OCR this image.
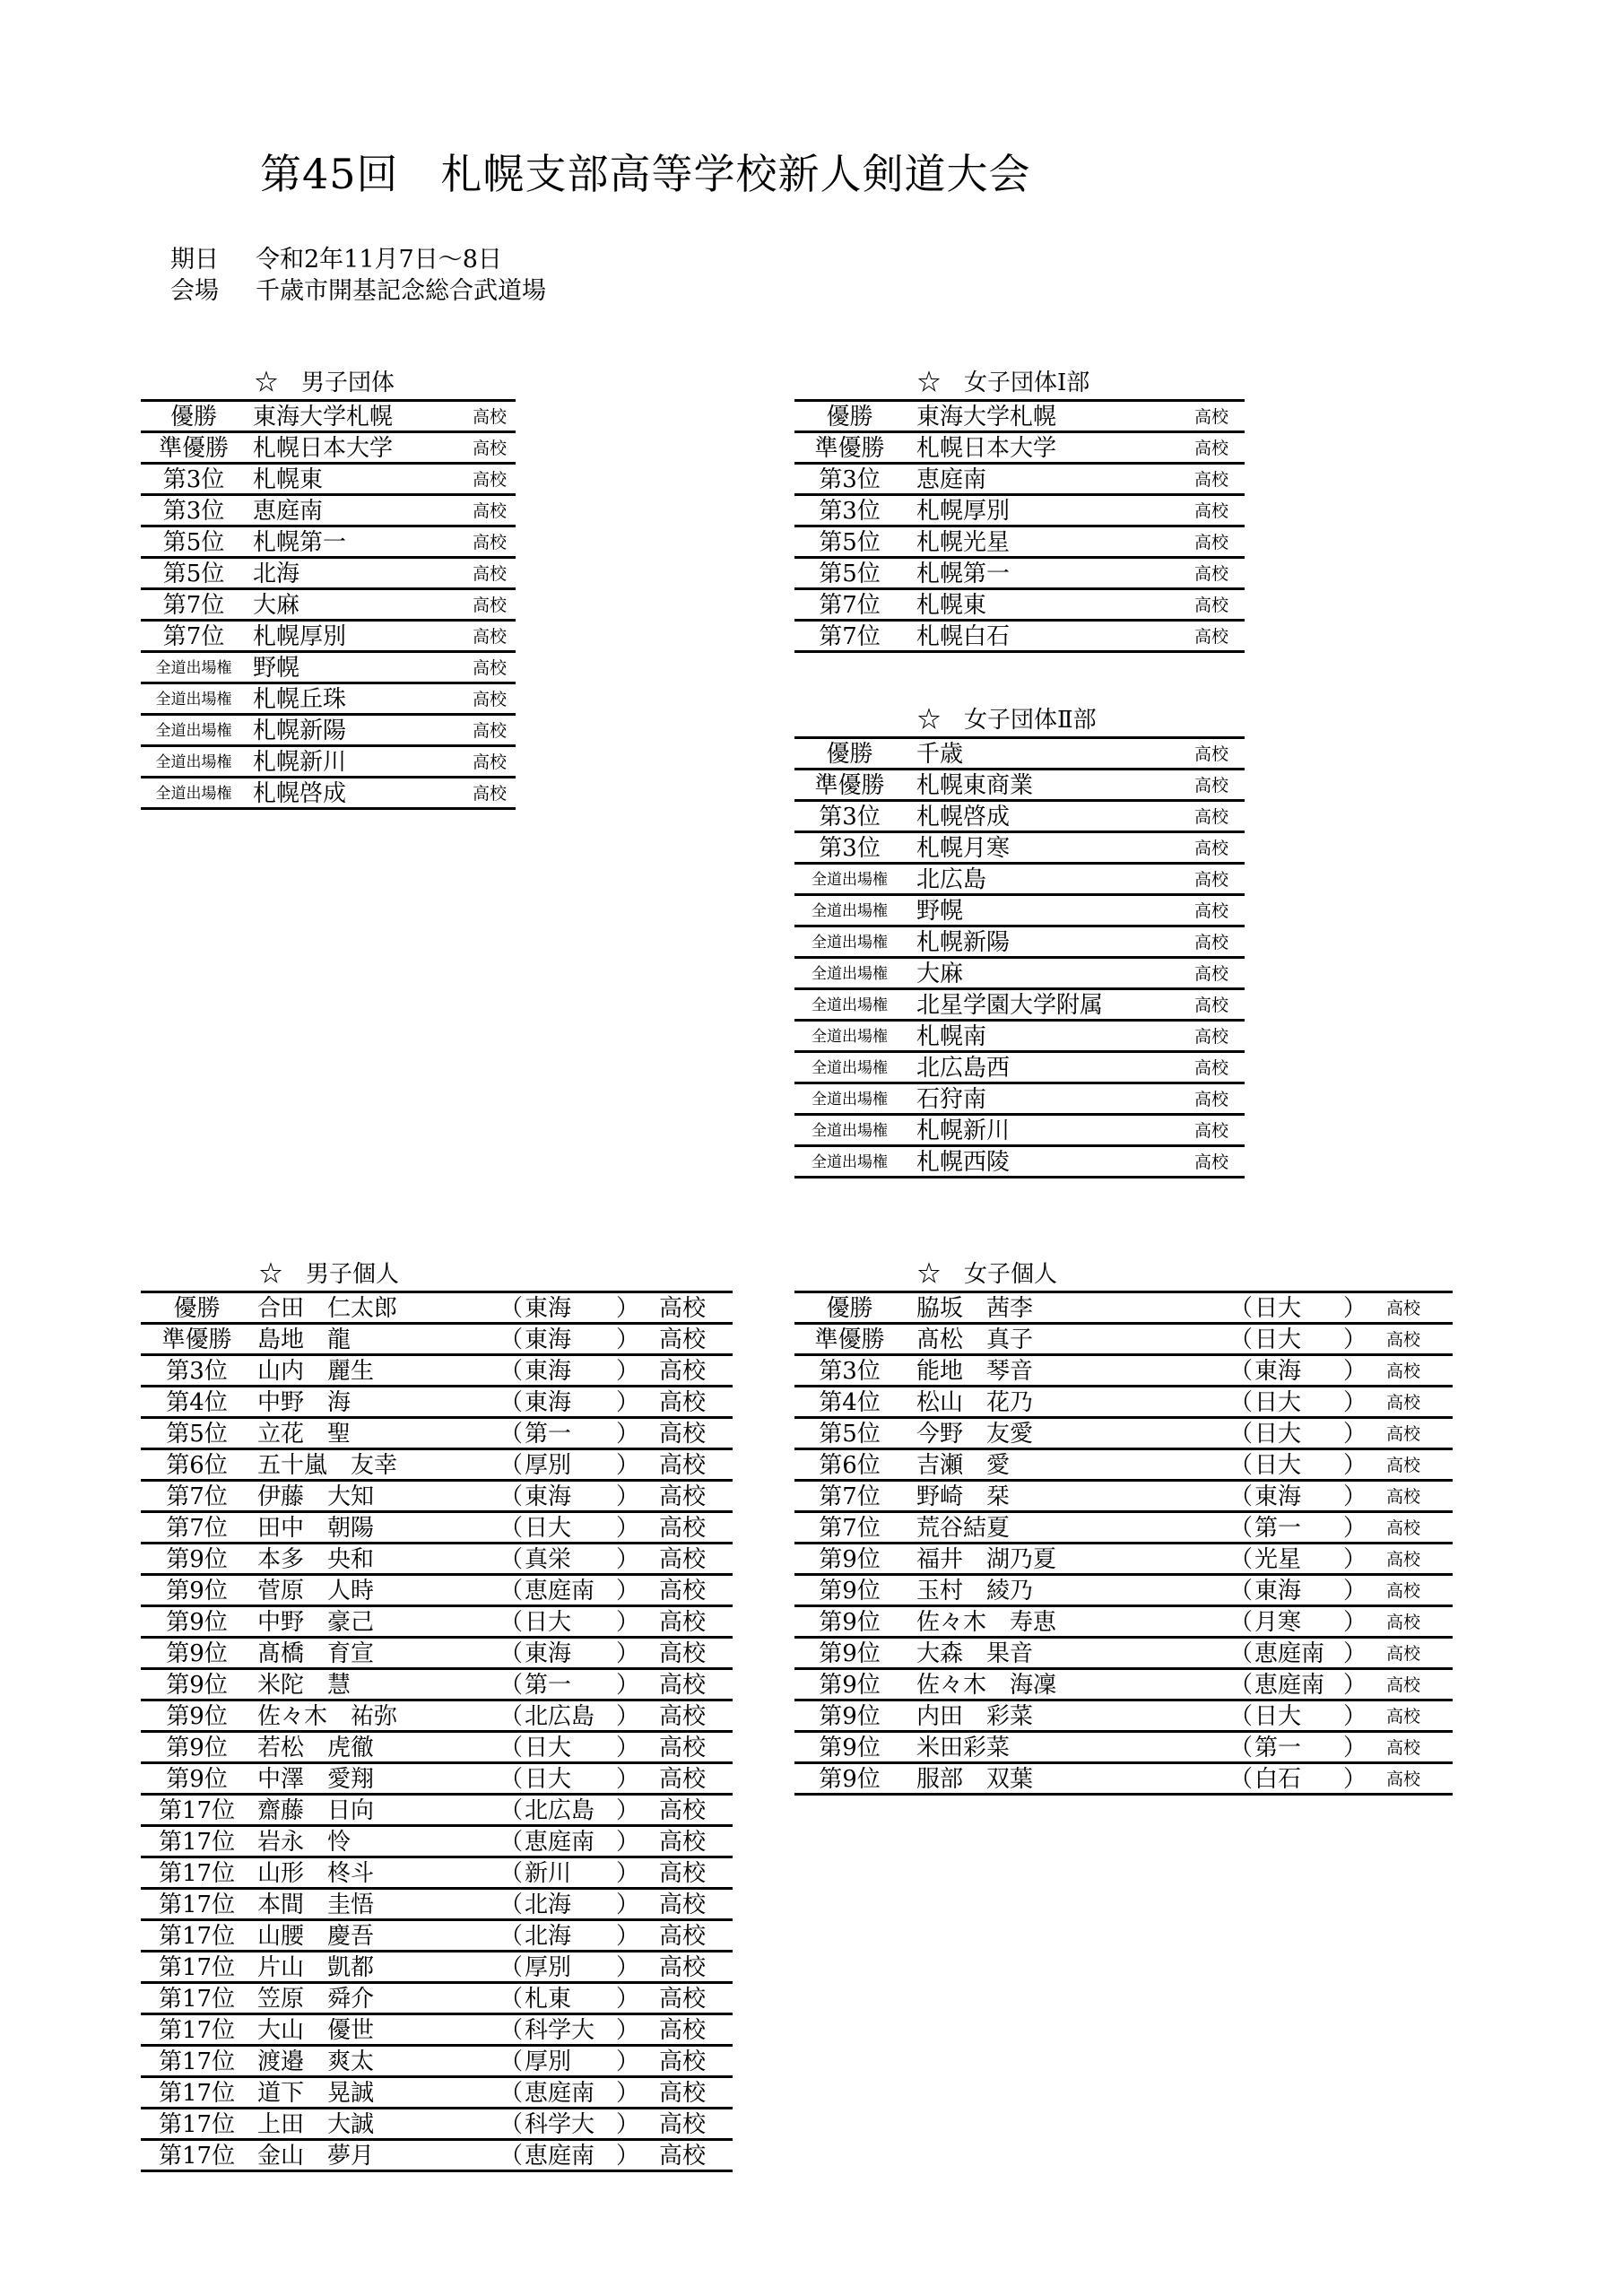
第45回　札幌支部高等学校新人剣道大会
期日 令和2年11月7日～8日
会場 千歳市開基記念総合武道場
☆　男子団体
優勝	東海大学札幌	高校
準優勝	札幌日本大学	高校
第3位	札幌東	高校
第3位	恵庭南	高校
第5位	札幌第一	高校
第5位	北海	高校
第7位	大麻	高校
第7位	札幌厚別	高校
全道出場権 野幌	高校
全道出場権 札幌丘珠	高校
全道出場権 札幌新陽	高校
全道出場権 札幌新川	高校
全道出場権 札幌啓成	高校
☆　女子団体Ⅰ部
優勝	東海大学札幌	高校
準優勝	札幌日本大学	高校
第3位	恵庭南	高校
第3位	札幌厚別	高校
第5位	札幌光星	高校
第5位	札幌第一	高校
第7位	札幌東	高校
第7位	札幌白石	高校
☆　女子団体Ⅱ部
優勝	千歳	高校
準優勝	札幌東商業	高校
第3位	札幌啓成	高校
第3位	札幌月寒	高校
全道出場権	北広島	高校
全道出場権	野幌	高校
全道出場権	札幌新陽	高校
全道出場権	大麻	高校
全道出場権	北星学園大学附属	高校
全道出場権	札幌南	高校
全道出場権	北広島西	高校
全道出場権	石狩南	高校
全道出場権	札幌新川	高校
全道出場権	札幌西陵	高校
☆　男子個人
優勝	合田　仁太郎	（ 東海 ） 高校
準優勝	島地　龍	（ 東海 ） 高校
第3位	山内　麗生	（ 東海 ） 高校
第4位	中野　海	（ 東海 ） 高校
第5位	立花　聖	（ 第一 ） 高校
第6位	五十嵐　友幸	（ 厚別 ） 高校
第7位	伊藤　大知	（ 東海 ） 高校
第7位	田中　朝陽	（ 日大 ） 高校
第9位	本多　央和	（ 真栄 ） 高校
第9位	菅原　人時	（ 恵庭南 ） 高校
第9位	中野　豪己	（ 日大 ） 高校
第9位	髙橋　育宣	（ 東海 ） 高校
第9位	米陀　慧	（ 第一 ） 高校
第9位	佐々木　祐弥	（ 北広島 ） 高校
第9位	若松　虎徹	（ 日大 ） 高校
第9位	中澤　愛翔	（ 日大 ） 高校
第17位 齋藤　日向	（ 北広島 ） 高校
第17位 岩永　怜	（ 恵庭南 ） 高校
第17位 山形　柊斗	（ 新川 ） 高校
第17位 本間　圭悟	（ 北海 ） 高校
第17位 山腰　慶吾	（ 北海 ） 高校
第17位 片山　凱都	（ 厚別 ） 高校
第17位 笠原　舜介	（ 札東 ） 高校
第17位 大山　優世	（ 科学大 ） 高校
第17位 渡邉　爽太	（ 厚別 ） 高校
第17位 道下　晃誠	（ 恵庭南 ） 高校
第17位 上田　大誠	（ 科学大 ） 高校
第17位 金山　夢月	（ 恵庭南 ） 高校
☆　女子個人
優勝	脇坂　茜李	（ 日大 ） 高校
準優勝	髙松　真子	（ 日大 ） 高校
第3位	能地　琴音	（ 東海 ） 高校
第4位	松山　花乃	（ 日大 ） 高校
第5位	今野　友愛	（ 日大 ） 高校
第6位	吉瀬　愛	（ 日大 ） 高校
第7位	野崎　栞	（ 東海 ） 高校
第7位	荒谷結夏	（ 第一 ） 高校
第9位	福井　湖乃夏	（ 光星 ） 高校
第9位	玉村　綾乃	（ 東海 ） 高校
第9位	佐々木　寿恵	（ 月寒 ） 高校
第9位	大森　果音	（ 恵庭南 ） 高校
第9位	佐々木　海凜	（ 恵庭南 ） 高校
第9位	内田　彩菜	（ 日大 ） 高校
第9位	米田彩菜	（ 第一 ） 高校
第9位	服部　双葉	（ 白石 ） 高校
